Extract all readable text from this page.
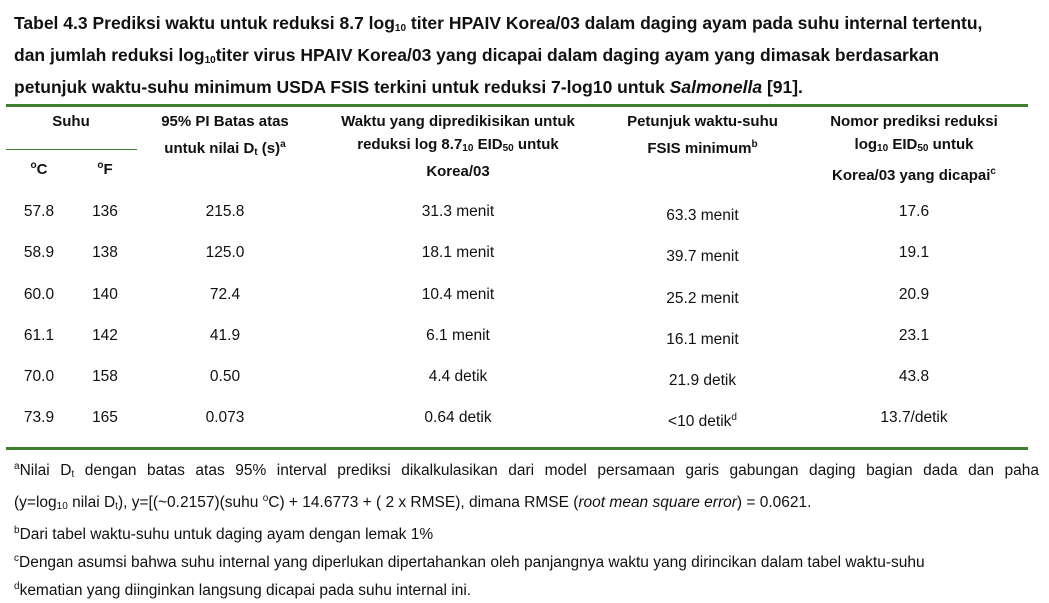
Tabel 4.3 Prediksi waktu untuk reduksi 8.7 $\log_{10}$ titer HPAIV Korea/03 dalam daging ayam pada suhu internal tertentu,
dan jumlah reduksi $\log_{10}titer$ virus HPAIV Korea/03 yang dicapai dalam daging ayam yang dimasak berdasarkan
petunjuk waktu-suhu minimum USDA FSIS terkini untuk reduksi 7-log10 untuk Salmonella [91].
Suhu
$^o$C	$^o$F
95% PI Batas atas
untuk nilai $D_t$ $(s)^a$
Waktu yang dipredikisikan untuk
reduksi $\log 8.7_{10}$ $EID_{50}$ untuk
Korea/03
Petunjuk waktu-suhu
FSIS minimum$^b$
Nomor prediksi reduksi
$\log_{10} EID_{50}$ untuk
Korea/03 yang dicapai$^c$
57.8	136	215.8	31.3 menit	63.3 menit	17.6
58.9	138	125.0	18.1 menit	39.7 menit	19.1
60.0	140	72.4	10.4 menit	25.2 menit	20.9
61.1	142	41.9	6.1 menit	16.1 menit	23.1
70.0	158	0.50	4.4 detik	21.9 detik	43.8
73.9	165	0.073	0.64 detik	<10 detik$^d$	13.7/detik

$^a$Nilai $D_t$ dengan batas atas 95% interval prediksi dikalkulasikan dari model persamaan garis gabungan daging bagian dada dan paha

($y=\log_{10}$ nilai $D_t$), y=[(~0.2157)(suhu $^o$C) + 14.6773 + ( 2 x RMSE), dimana RMSE (root mean square error) = 0.0621.

$^b$Dari tabel waktu-suhu untuk daging ayam dengan lemak 1%

$^c$Dengan asumsi bahwa suhu internal yang diperlukan dipertahankan oleh panjangnya waktu yang dirincikan dalam tabel waktu-suhu

$^d$kematian yang diinginkan langsung dicapai pada suhu internal ini.
